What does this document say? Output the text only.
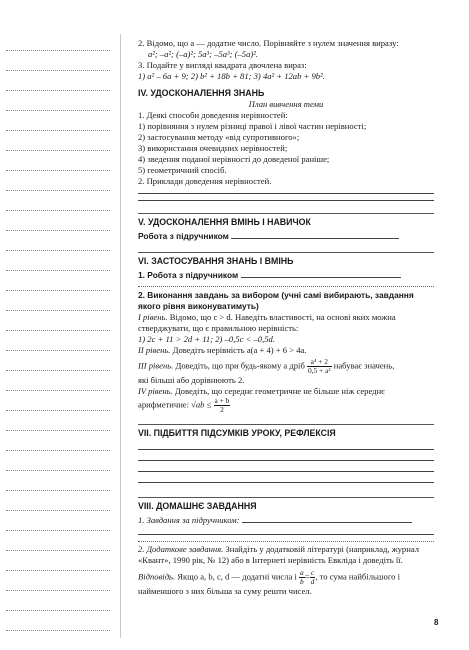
2. Відомо, що a — додатне число. Порівняйте з нулем значення виразу:

a²; –a²; (–a)²; 5a³; –5a³; (–5a)².

3. Подайте у вигляді квадрата двочлена вираз:

1) a² – 6a + 9; 2) b² + 18b + 81; 3) 4a² + 12ab + 9b².

IV. УДОСКОНАЛЕННЯ ЗНАНЬ

План вивчення теми

1. Деякі способи доведення нерівностей:

1) порівняння з нулем різниці правої і лівої частин нерівності;

2) застосування методу «від супротивного»;

3) використання очевидних нерівностей;

4) зведення поданої нерівності до доведеної раніше;

5) геометричний спосіб.

2. Приклади доведення нерівностей.

V. УДОСКОНАЛЕННЯ ВМІНЬ І НАВИЧОК

Робота з підручником

VI. ЗАСТОСУВАННЯ ЗНАНЬ І ВМІНЬ

1. Робота з підручником

2. Виконання завдань за вибором (учні самі вибирають, завдання якого рівня виконуватимуть)

I рівень. Відомо, що c > d. Наведіть властивості, на основі яких можна стверджувати, що є правильною нерівність:

1) 2c + 11 > 2d + 11; 2) –0,5c < –0,5d.

II рівень. Доведіть нерівність a(a + 4) + 6 > 4a.

III рівень. Доведіть, що при будь-якому a дріб $\frac{\text{a⁴ + 2}}{\text{0,5 + a²}}$ набуває значень,

які більші або дорівнюють 2.

IV рівень. Доведіть, що середнє геометричне не більше ніж середнє арифметичне: $√ab \le \frac{a + b}{2}$

VII. ПІДБИТТЯ ПІДСУМКІВ УРОКУ, РЕФЛЕКСІЯ

VIII. ДОМАШНЄ ЗАВДАННЯ

1. Завдання за підручником:

2. Додаткове завдання. Знайдіть у додатковій літературі (наприклад, журнал «Квант», 1990 рік, № 12) або в Інтернеті нерівність Евкліда і доведіть її.

Відповідь. Якщо a, b, c, d — додатні числа і $\frac{a}{b} = \frac{c}{d}$ , то сума найбільшого і найменшого з них більша за суму решти чисел.

8
